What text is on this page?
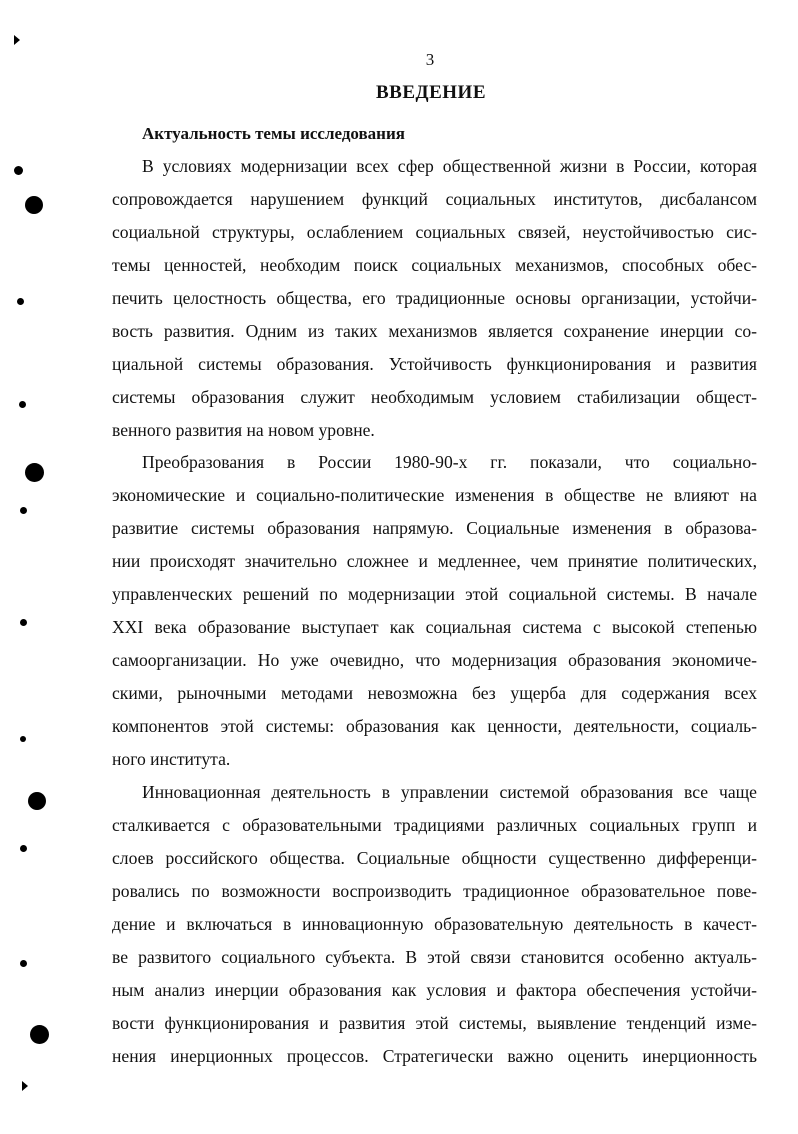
3
ВВЕДЕНИЕ
Актуальность темы исследования
В условиях модернизации всех сфер общественной жизни в России, которая
сопровождается нарушением функций социальных институтов, дисбалансом
социальной структуры, ослаблением социальных связей, неустойчивостью сис-
темы ценностей, необходим поиск социальных механизмов, способных обес-
печить целостность общества, его традиционные основы организации, устойчи-
вость развития. Одним из таких механизмов является сохранение инерции со-
циальной системы образования. Устойчивость функционирования и развития
системы образования служит необходимым условием стабилизации общест-
венного развития на новом уровне.
Преобразования в России 1980-90-х гг. показали, что социально-
экономические и социально-политические изменения в обществе не влияют на
развитие системы образования напрямую. Социальные изменения в образова-
нии происходят значительно сложнее и медленнее, чем принятие политических,
управленческих решений по модернизации этой социальной системы. В начале
XXI века образование выступает как социальная система с высокой степенью
самоорганизации. Но уже очевидно, что модернизация образования экономиче-
скими, рыночными методами невозможна без ущерба для содержания всех
компонентов этой системы: образования как ценности, деятельности, социаль-
ного института.
Инновационная деятельность в управлении системой образования все чаще
сталкивается с образовательными традициями различных социальных групп и
слоев российского общества. Социальные общности существенно дифференци-
ровались по возможности воспроизводить традиционное образовательное пове-
дение и включаться в инновационную образовательную деятельность в качест-
ве развитого социального субъекта. В этой связи становится особенно актуаль-
ным анализ инерции образования как условия и фактора обеспечения устойчи-
вости функционирования и развития этой системы, выявление тенденций изме-
нения инерционных процессов. Стратегически важно оценить инерционность
